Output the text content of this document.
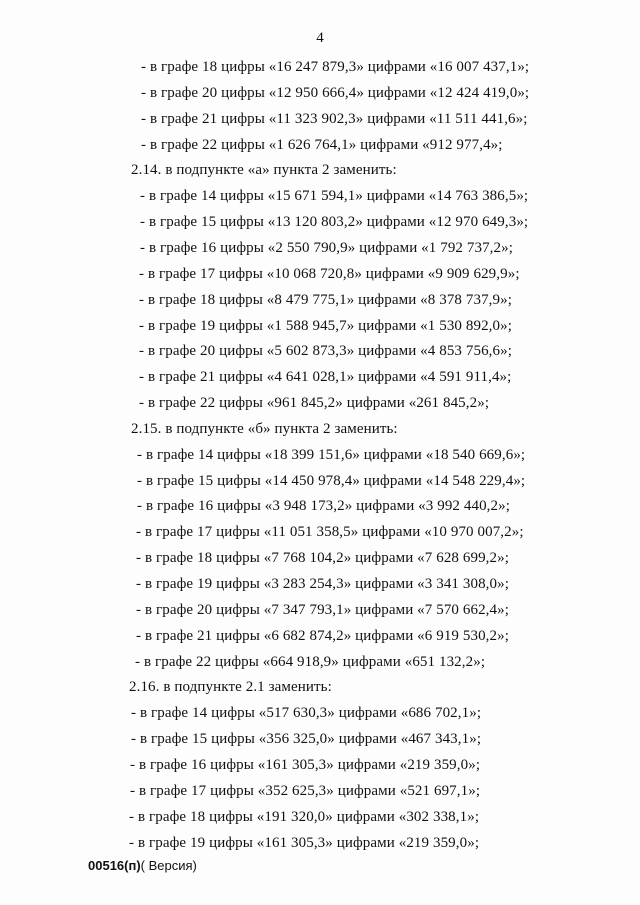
4
- в графе 18 цифры «16 247 879,3» цифрами «16 007 437,1»;
- в графе 20 цифры «12 950 666,4» цифрами «12 424 419,0»;
- в графе 21 цифры «11 323 902,3» цифрами «11 511 441,6»;
- в графе 22 цифры «1 626 764,1» цифрами «912 977,4»;
2.14. в подпункте «а» пункта 2 заменить:
- в графе 14 цифры «15 671 594,1» цифрами «14 763 386,5»;
- в графе 15 цифры «13 120 803,2» цифрами «12 970 649,3»;
- в графе 16 цифры «2 550 790,9» цифрами «1 792 737,2»;
- в графе 17 цифры «10 068 720,8» цифрами «9 909 629,9»;
- в графе 18 цифры «8 479 775,1» цифрами «8 378 737,9»;
- в графе 19 цифры «1 588 945,7» цифрами «1 530 892,0»;
- в графе 20 цифры «5 602 873,3» цифрами «4 853 756,6»;
- в графе 21 цифры «4 641 028,1» цифрами «4 591 911,4»;
- в графе 22 цифры «961 845,2» цифрами «261 845,2»;
2.15. в подпункте «б» пункта 2 заменить:
- в графе 14 цифры «18 399 151,6» цифрами «18 540 669,6»;
- в графе 15 цифры «14 450 978,4» цифрами «14 548 229,4»;
- в графе 16 цифры «3 948 173,2» цифрами «3 992 440,2»;
- в графе 17 цифры «11 051 358,5» цифрами «10 970 007,2»;
- в графе 18 цифры «7 768 104,2» цифрами «7 628 699,2»;
- в графе 19 цифры «3 283 254,3» цифрами «3 341 308,0»;
- в графе 20 цифры «7 347 793,1» цифрами «7 570 662,4»;
- в графе 21 цифры «6 682 874,2» цифрами «6 919 530,2»;
- в графе 22 цифры «664 918,9» цифрами «651 132,2»;
2.16. в подпункте 2.1 заменить:
- в графе 14 цифры «517 630,3» цифрами «686 702,1»;
- в графе 15 цифры «356 325,0» цифрами «467 343,1»;
- в графе 16 цифры «161 305,3» цифрами «219 359,0»;
- в графе 17 цифры «352 625,3» цифрами «521 697,1»;
- в графе 18 цифры «191 320,0» цифрами «302 338,1»;
- в графе 19 цифры «161 305,3» цифрами «219 359,0»;
00516(п)( Версия)
